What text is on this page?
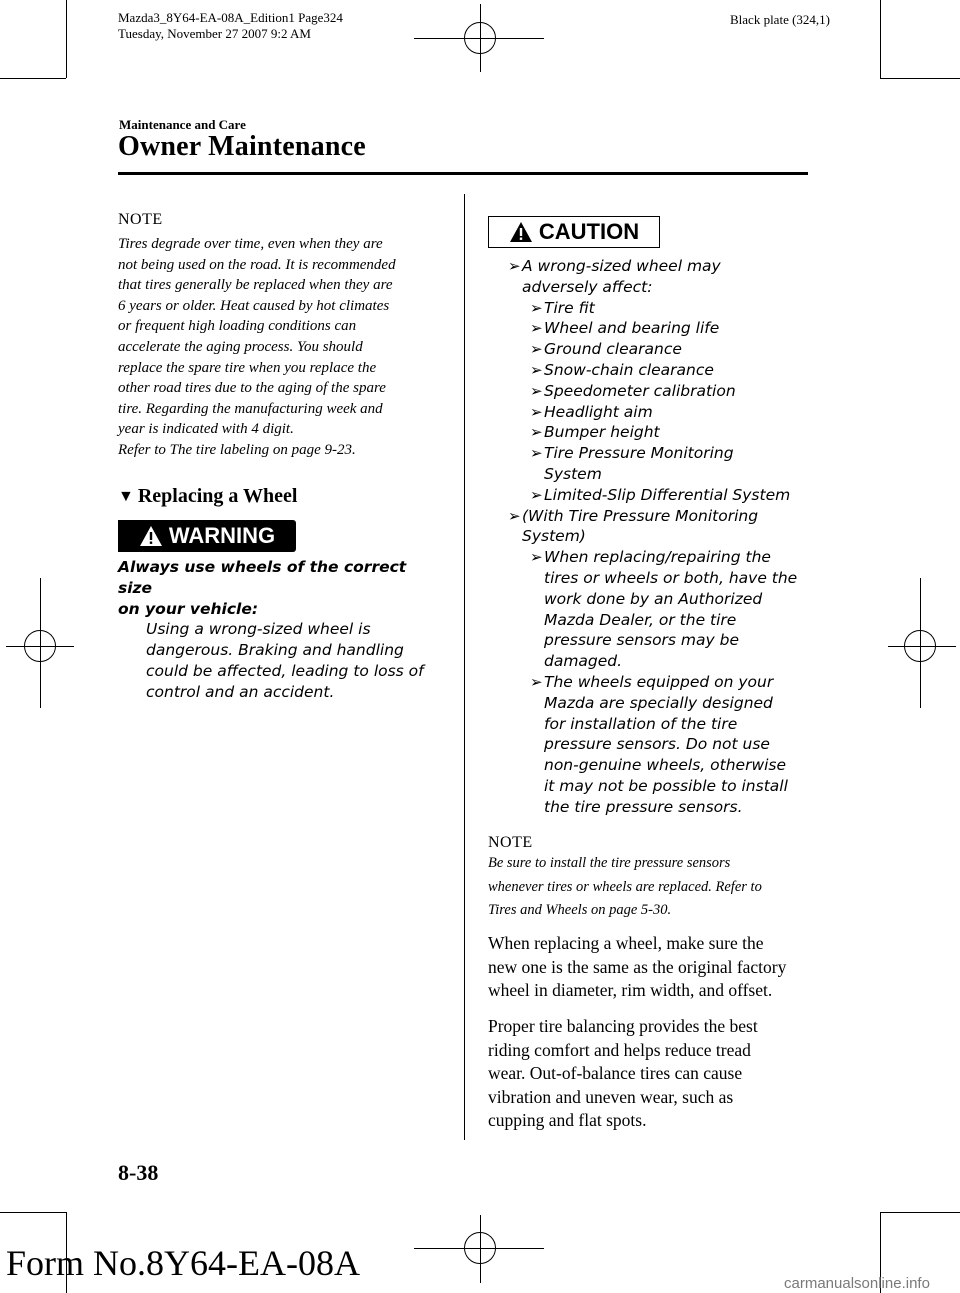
Mazda3_8Y64-EA-08A_Edition1 Page324
Tuesday, November 27 2007 9:2 AM
Black plate (324,1)
Maintenance and Care
Owner Maintenance
NOTE
Tires degrade over time, even when they are
not being used on the road. It is recommended
that tires generally be replaced when they are
6 years or older. Heat caused by hot climates
or frequent high loading conditions can
accelerate the aging process. You should
replace the spare tire when you replace the
other road tires due to the aging of the spare
tire. Regarding the manufacturing week and
year is indicated with 4 digit.
Refer to The tire labeling on page 9-23.
▼ Replacing a Wheel
WARNING
Always use wheels of the correct size
on your vehicle:
Using a wrong-sized wheel is
dangerous. Braking and handling
could be affected, leading to loss of
control and an accident.
CAUTION
➢ A wrong-sized wheel may
adversely affect:
➢ Tire fit
➢ Wheel and bearing life
➢ Ground clearance
➢ Snow-chain clearance
➢ Speedometer calibration
➢ Headlight aim
➢ Bumper height
➢ Tire Pressure Monitoring
System
➢ Limited-Slip Differential System
➢ (With Tire Pressure Monitoring
System)
➢ When replacing/repairing the
tires or wheels or both, have the
work done by an Authorized
Mazda Dealer, or the tire
pressure sensors may be
damaged.
➢ The wheels equipped on your
Mazda are specially designed
for installation of the tire
pressure sensors. Do not use
non-genuine wheels, otherwise
it may not be possible to install
the tire pressure sensors.
NOTE
Be sure to install the tire pressure sensors
whenever tires or wheels are replaced. Refer to
Tires and Wheels on page 5-30.
When replacing a wheel, make sure the
new one is the same as the original factory
wheel in diameter, rim width, and offset.
Proper tire balancing provides the best
riding comfort and helps reduce tread
wear. Out-of-balance tires can cause
vibration and uneven wear, such as
cupping and flat spots.
8-38
Form No.8Y64-EA-08A
carmanualsonline.info
